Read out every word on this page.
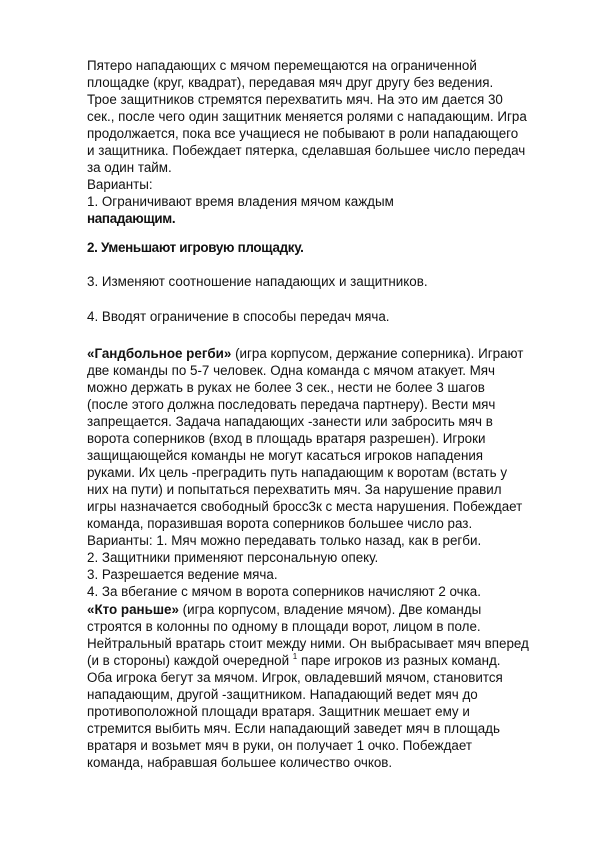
Пятеро нападающих с мячом перемещаются на ограниченной
площадке (круг, квадрат), передавая мяч друг другу без ведения.
Трое защитников стремятся перехватить мяч. На это им дается 30
сек., после чего один защитник меняется ролями с нападающим. Игра
продолжается, пока все учащиеся не побывают в роли нападающего
и защитника. Побеждает пятерка, сделавшая большее число передач
за один тайм.
Варианты:
1. Ограничивают время владения мячом каждым
нападающим.
2. Уменьшают игровую площадку.
3. Изменяют соотношение нападающих и защитников.
4. Вводят ограничение в способы передач мяча.
«Гандбольное регби» (игра корпусом, держание соперника). Играют
две команды по 5-7 человек. Одна команда с мячом атакует. Мяч
можно держать в руках не более 3 сек., нести не более 3 шагов
(после этого должна последовать передача партнеру). Вести мяч
запрещается. Задача нападающих -занести или забросить мяч в
ворота соперников (вход в площадь вратаря разрешен). Игроки
защищающейся команды не могут касаться игроков нападения
руками. Их цель -преградить путь нападающим к воротам (встать у
них на пути) и попытаться перехватить мяч. За нарушение правил
игры назначается свободный бросс3к с места нарушения. Побеждает
команда, поразившая ворота соперников большее число раз.
Варианты: 1. Мяч можно передавать только назад, как в регби.
2. Защитники применяют персональную опеку.
3. Разрешается ведение мяча.
4. За вбегание с мячом в ворота соперников начисляют 2 очка.
«Кто раньше» (игра корпусом, владение мячом). Две команды
строятся в колонны по одному в площади ворот, лицом в поле.
Нейтральный вратарь стоит между ними. Он выбрасывает мяч вперед
(и в стороны) каждой очередной $^1$ паре игроков из разных команд.
Оба игрока бегут за мячом. Игрок, овладевший мячом, становится
нападающим, другой -защитником. Нападающий ведет мяч до
противоположной площади вратаря. Защитник мешает ему и
стремится выбить мяч. Если нападающий заведет мяч в площадь
вратаря и возьмет мяч в руки, он получает 1 очко. Побеждает
команда, набравшая большее количество очков.
